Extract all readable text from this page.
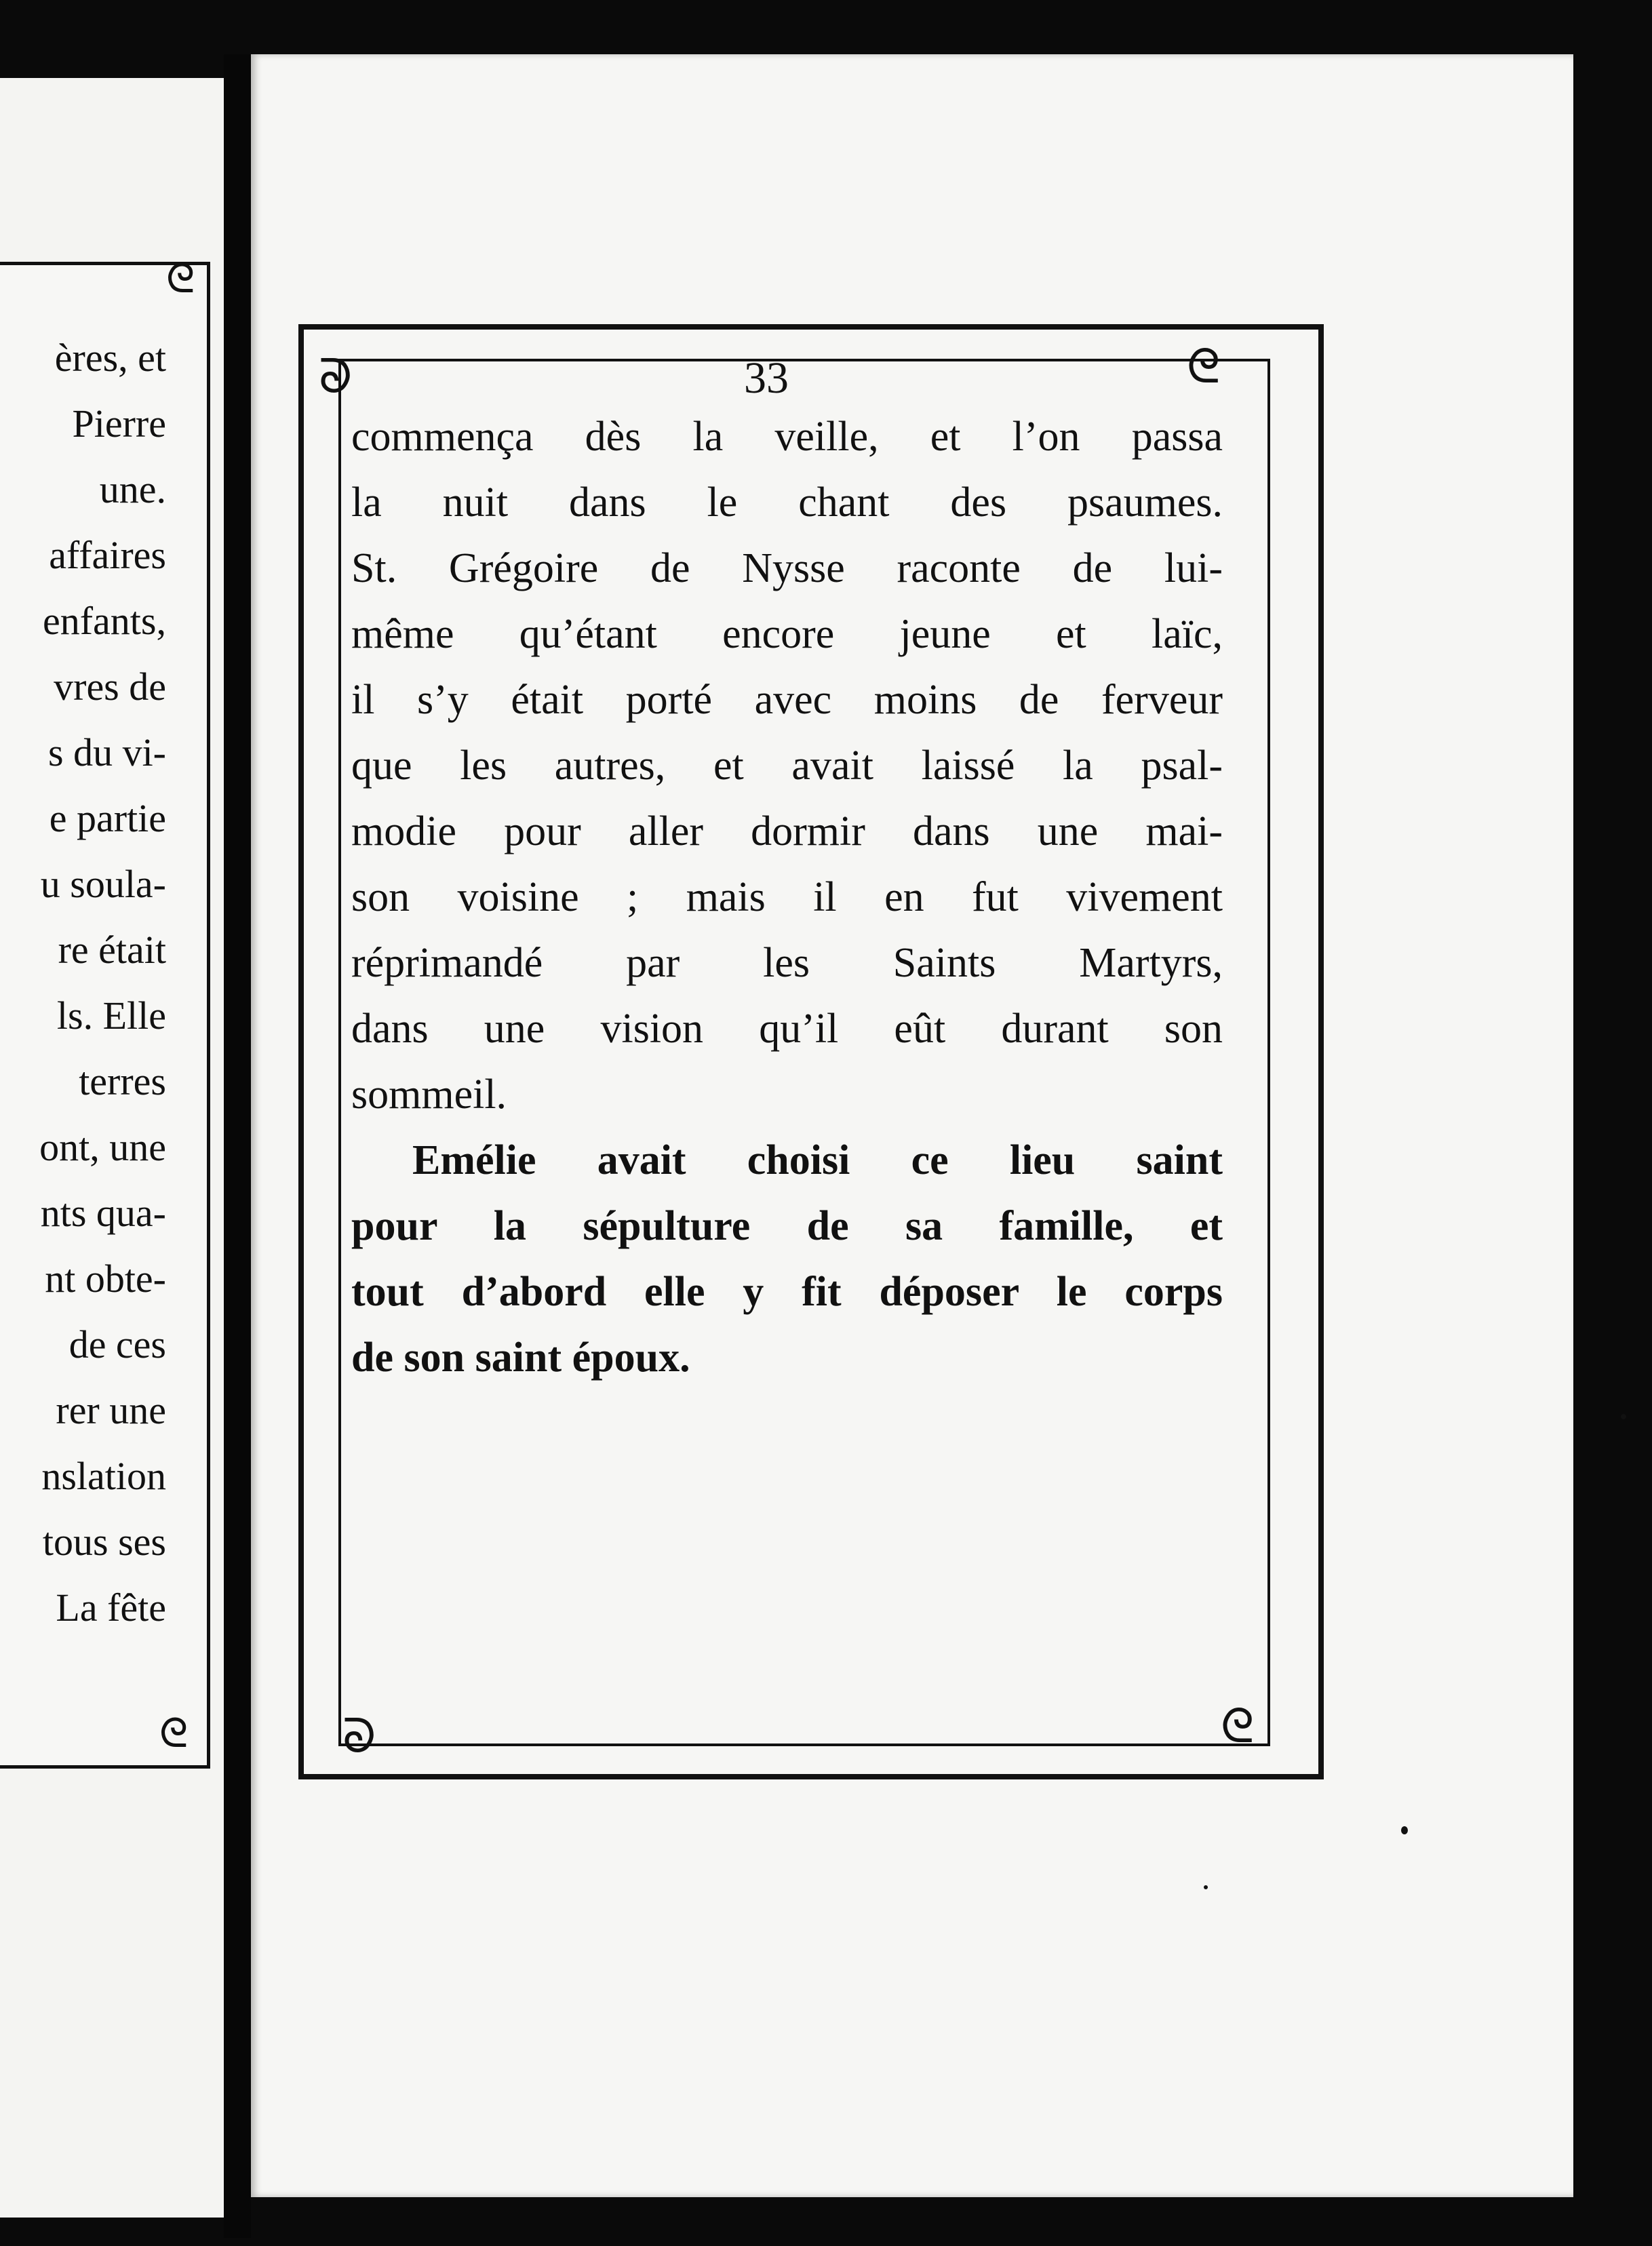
ᘓ
ᘓ

ères, et

Pierre

une.

affaires

enfants,

vres de

s du vi-

e partie

u soula-

re était

ls. Elle

terres

ont, une

nts qua-

nt obte-

de ces

rer une

nslation

tous ses

La fête

ᘐ	ᘓ
ᘐ	ᘓ
33

commença dès la veille, et l’on passa

la nuit dans le chant des psaumes.

St. Grégoire de Nysse raconte de lui-

même qu’étant encore jeune et laïc,

il s’y était porté avec moins de ferveur

que les autres, et avait laissé la psal-

modie pour aller dormir dans une mai-

son voisine ; mais il en fut vivement

réprimandé par les Saints Martyrs,

dans une vision qu’il eût durant son

sommeil.

Emélie avait choisi ce lieu saint

pour la sépulture de sa famille, et

tout d’abord elle y fit déposer le corps

de son saint époux.
